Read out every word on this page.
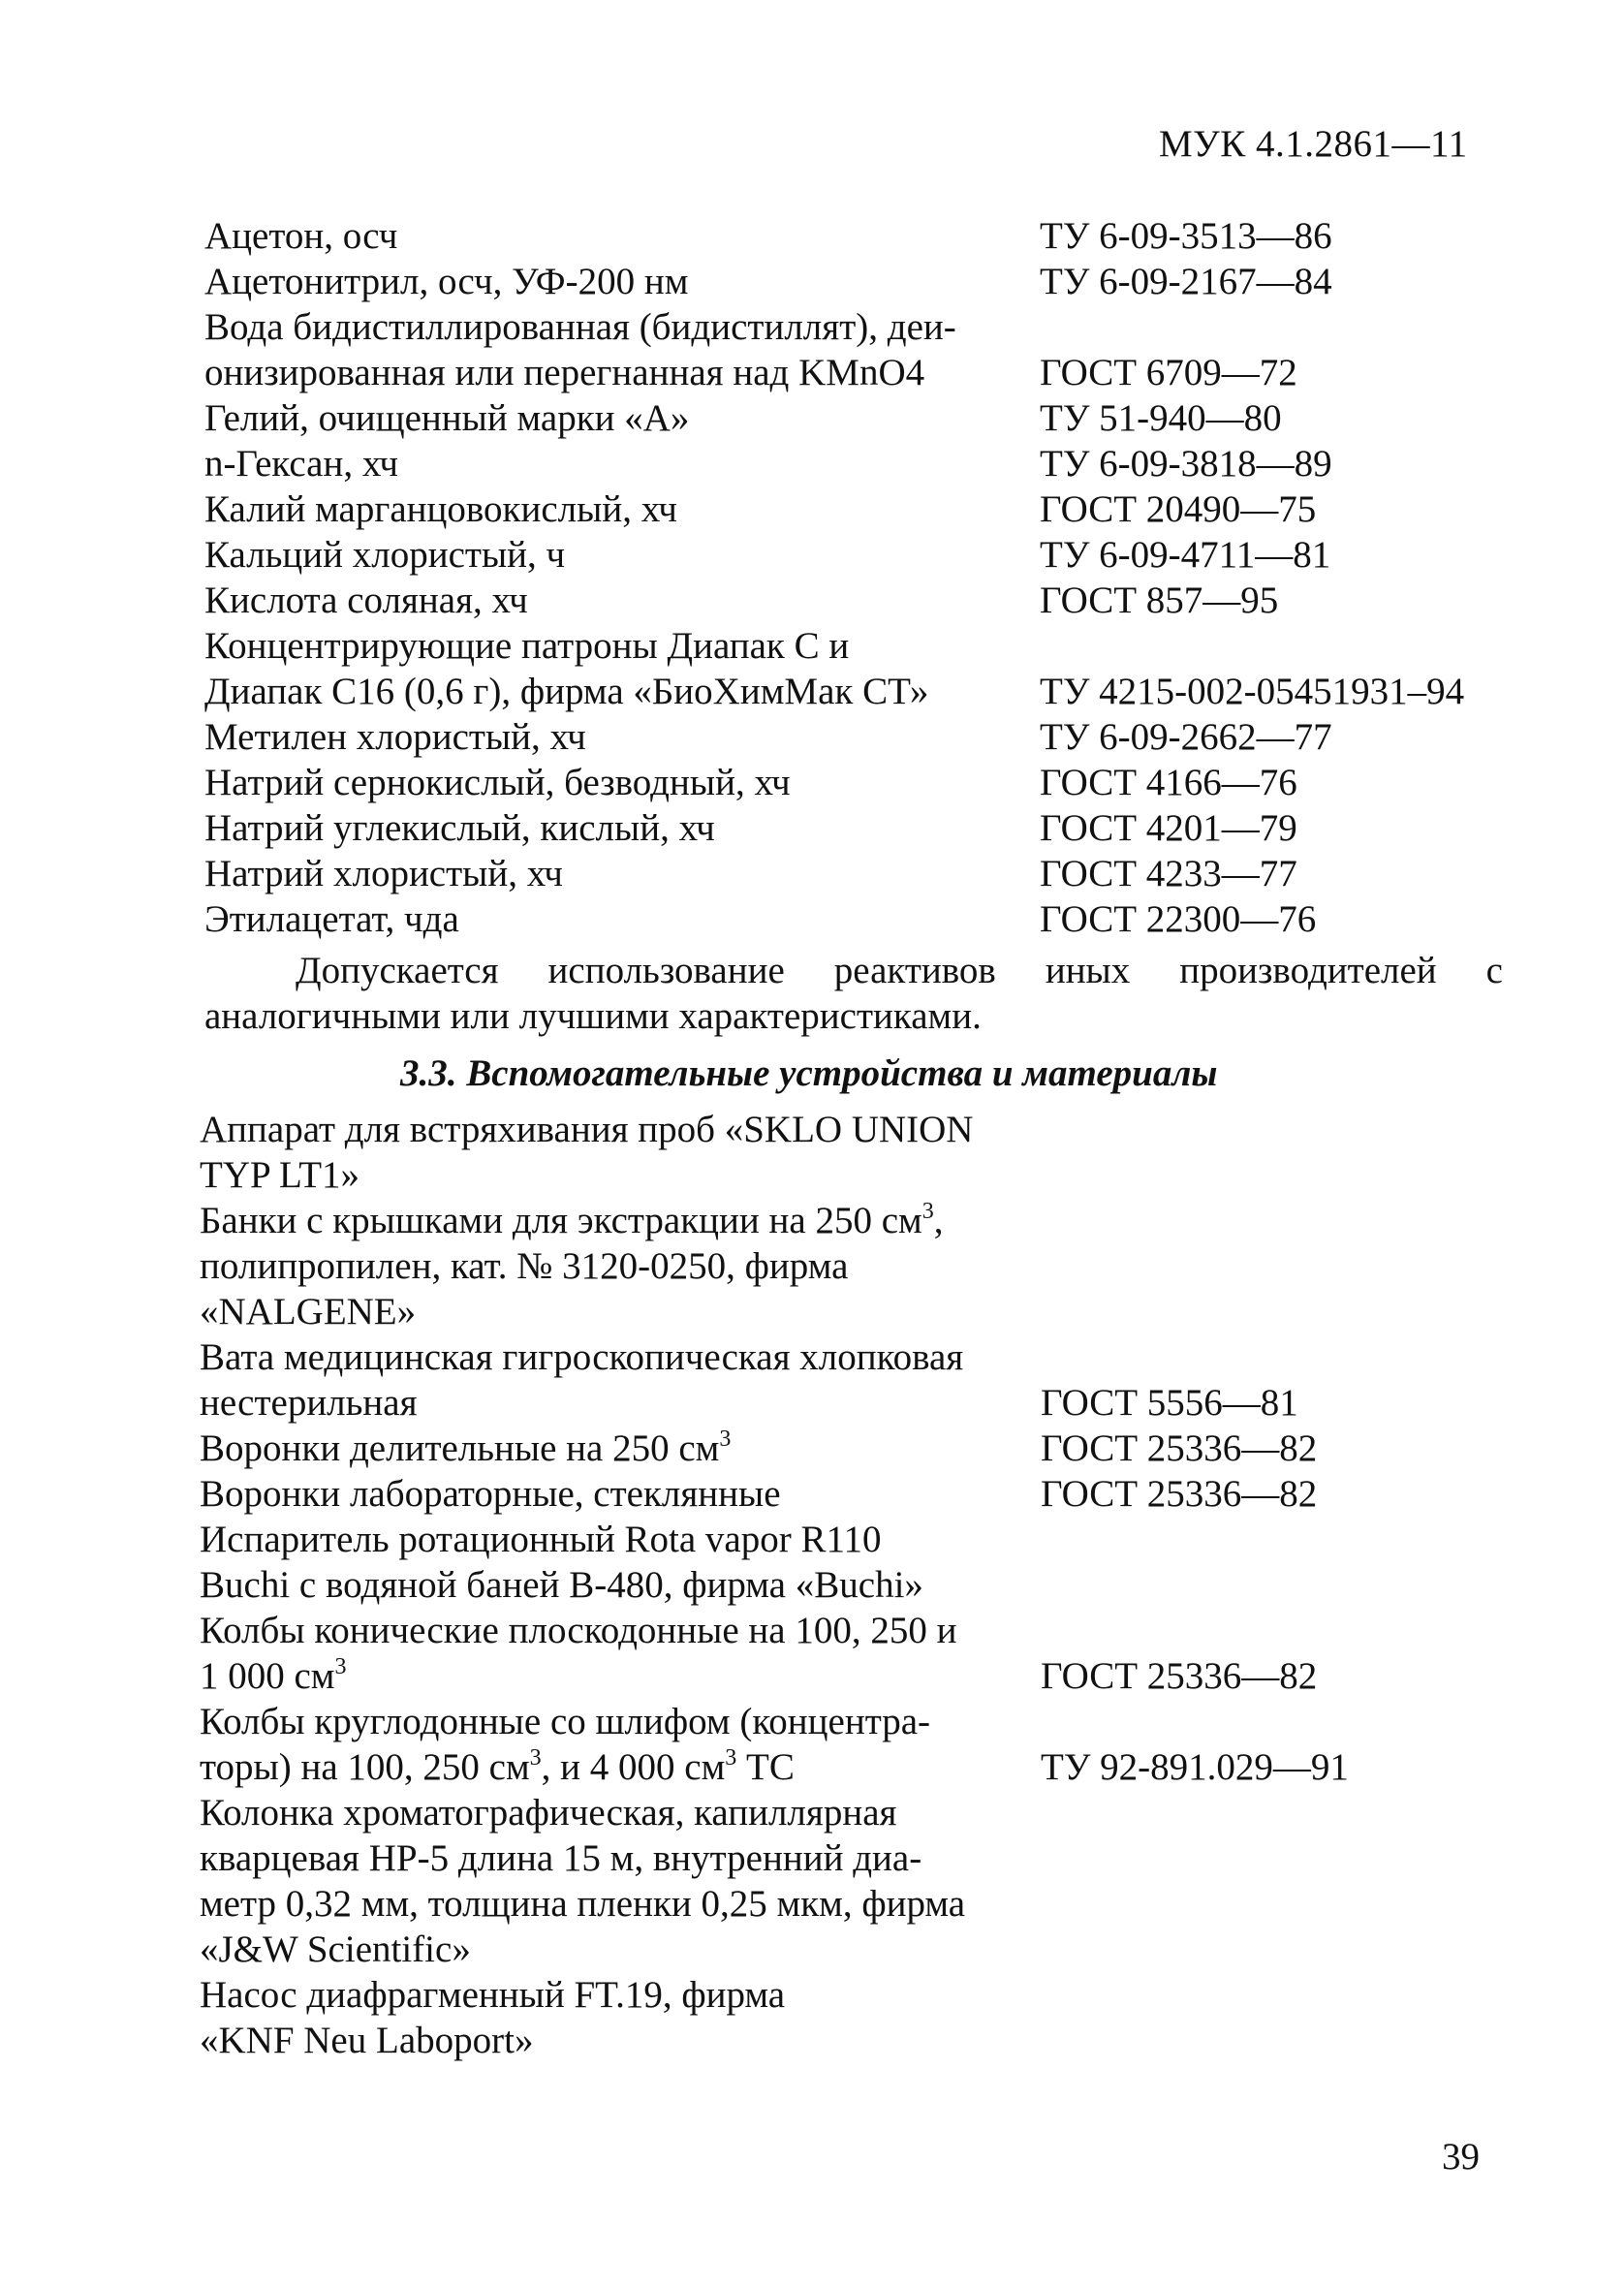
МУК 4.1.2861—11
Ацетон, осч	ТУ 6-09-3513—86
Ацетонитрил, осч, УФ-200 нм	ТУ 6-09-2167—84
Вода бидистиллированная (бидистиллят), деи-
онизированная или перегнанная над KMnO4	ГОСТ 6709—72
Гелий, очищенный марки «А»	ТУ 51-940—80
n-Гексан, хч	ТУ 6-09-3818—89
Калий марганцовокислый, хч	ГОСТ 20490—75
Кальций хлористый, ч	ТУ 6-09-4711—81
Кислота соляная, хч	ГОСТ 857—95
Концентрирующие патроны Диапак С и
Диапак С16 (0,6 г), фирма «БиоХимМак СТ»	ТУ 4215-002-05451931–94
Метилен хлористый, хч	ТУ 6-09-2662—77
Натрий сернокислый, безводный, хч	ГОСТ 4166—76
Натрий углекислый, кислый, хч	ГОСТ 4201—79
Натрий хлористый, хч	ГОСТ 4233—77
Этилацетат, чда	ГОСТ 22300—76
Допускается использование реактивов иных производителей с аналогичными или лучшими характеристиками.
3.3. Вспомогательные устройства и материалы
Аппарат для встряхивания проб «SKLO UNION
TYP LT1»
Банки с крышками для экстракции на 250 $см^3$,
полипропилен, кат. № 3120-0250, фирма
«NALGENE»
Вата медицинская гигроскопическая хлопковая
нестерильная	ГОСТ 5556—81
Воронки делительные на 250 $см^3$	ГОСТ 25336—82
Воронки лабораторные, стеклянные	ГОСТ 25336—82
Испаритель ротационный Rota vapor R110
Buchi с водяной баней B-480, фирма «Buchi»
Колбы конические плоскодонные на 100, 250 и
1 000 $см^3$	ГОСТ 25336—82
Колбы круглодонные со шлифом (концентра-
торы) на 100, 250 $см^3$, и 4 000 $см^3$ ТС	ТУ 92-891.029—91
Колонка хроматографическая, капиллярная
кварцевая HP-5 длина 15 м, внутренний диа-
метр 0,32 мм, толщина пленки 0,25 мкм, фирма
«J&W Scientific»
Насос диафрагменный FT.19, фирма
«KNF Neu Laboport»
39
